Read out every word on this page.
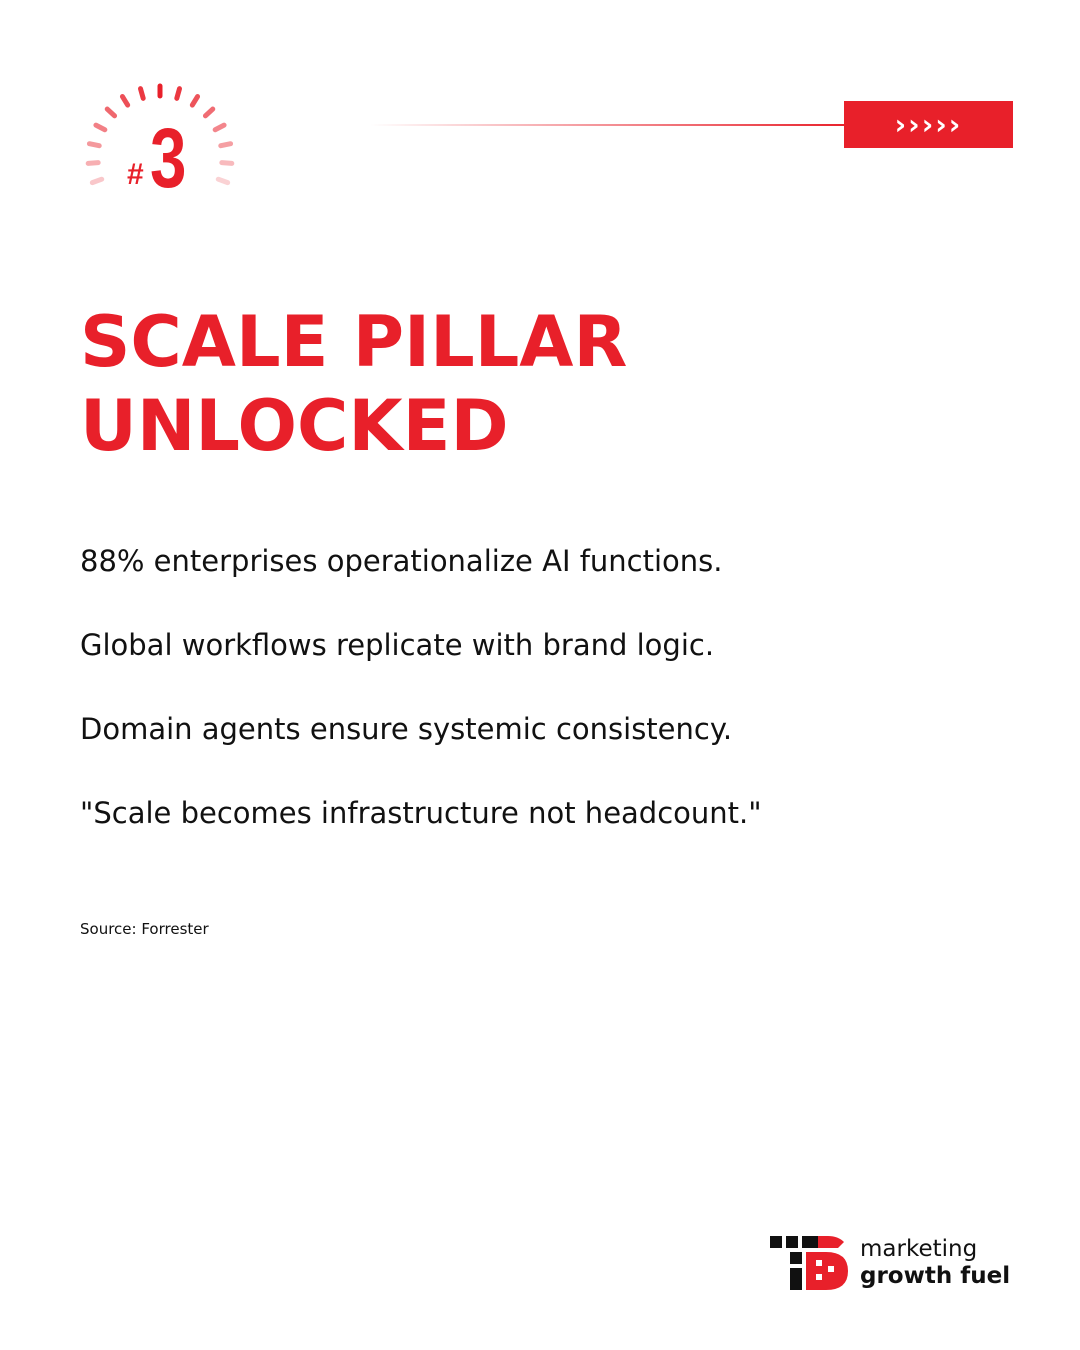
# 3	›››››
SCALE PILLAR
UNLOCKED
88% enterprises operationalize AI functions.
Global workflows replicate with brand logic.
Domain agents ensure systemic consistency.
"Scale becomes infrastructure not headcount."
Source: Forrester
marketing
growth fuel
